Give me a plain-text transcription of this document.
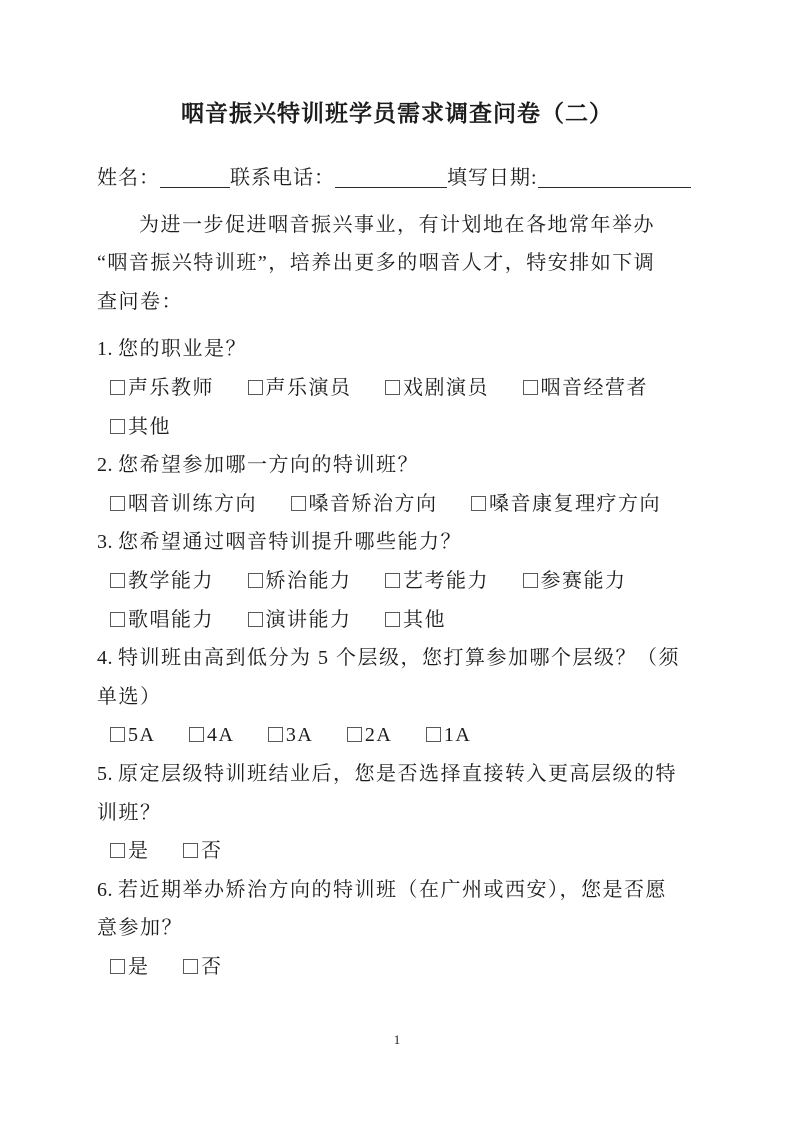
咽音振兴特训班学员需求调查问卷（二）
姓名：	联系电话：	填写日期:
为进一步促进咽音振兴事业，有计划地在各地常年举办
“咽音振兴特训班”，培养出更多的咽音人才，特安排如下调
查问卷：
1. 您的职业是？
声乐教师	声乐演员	戏剧演员	咽音经营者
其他
2. 您希望参加哪一方向的特训班？
咽音训练方向	嗓音矫治方向	嗓音康复理疗方向
3. 您希望通过咽音特训提升哪些能力？
教学能力	矫治能力	艺考能力	参赛能力
歌唱能力	演讲能力	其他
4. 特训班由高到低分为 5 个层级，您打算参加哪个层级？（须
单选）
5A	4A	3A	2A	1A
5. 原定层级特训班结业后，您是否选择直接转入更高层级的特
训班？
是	否
6. 若近期举办矫治方向的特训班（在广州或西安），您是否愿
意参加？
是	否
1
